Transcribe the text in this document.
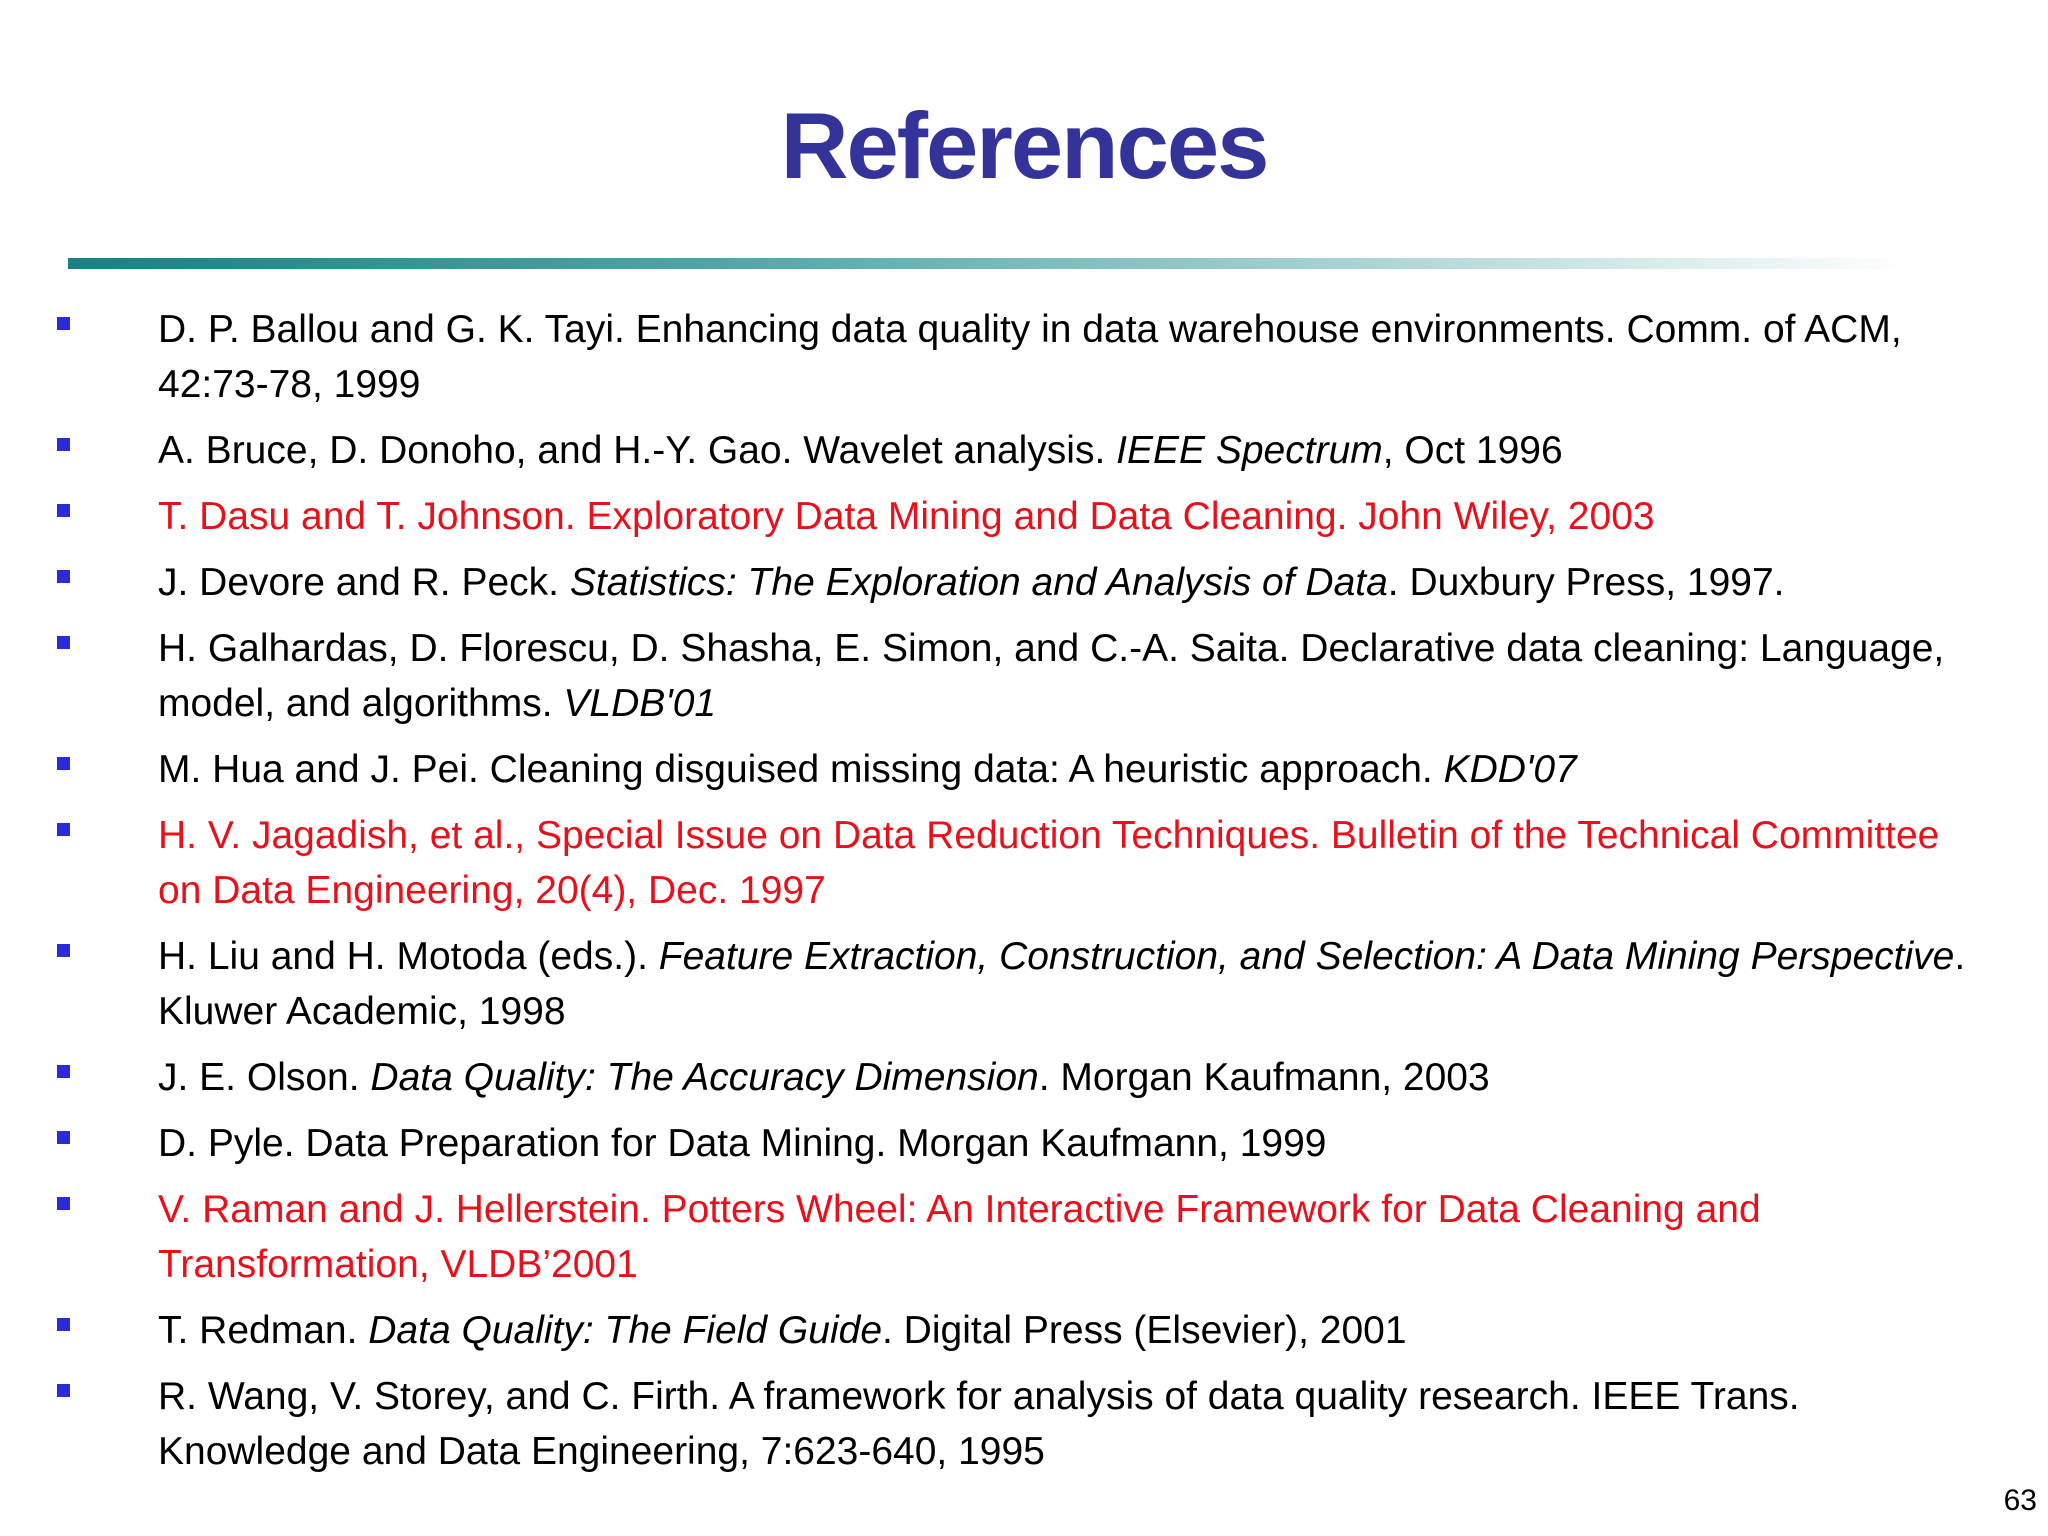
References
D. P. Ballou and G. K. Tayi. Enhancing data quality in data warehouse environments. Comm. of ACM, 42:73-78, 1999
A. Bruce, D. Donoho, and H.-Y. Gao. Wavelet analysis. IEEE Spectrum, Oct 1996
T. Dasu and T. Johnson. Exploratory Data Mining and Data Cleaning. John Wiley, 2003
J. Devore and R. Peck. Statistics: The Exploration and Analysis of Data. Duxbury Press, 1997.
H. Galhardas, D. Florescu, D. Shasha, E. Simon, and C.-A. Saita. Declarative data cleaning: Language, model, and algorithms. VLDB'01
M. Hua and J. Pei. Cleaning disguised missing data: A heuristic approach. KDD'07
H. V. Jagadish, et al., Special Issue on Data Reduction Techniques. Bulletin of the Technical Committee on Data Engineering, 20(4), Dec. 1997
H. Liu and H. Motoda (eds.). Feature Extraction, Construction, and Selection: A Data Mining Perspective. Kluwer Academic, 1998
J. E. Olson. Data Quality: The Accuracy Dimension. Morgan Kaufmann, 2003
D. Pyle. Data Preparation for Data Mining. Morgan Kaufmann, 1999
V. Raman and J. Hellerstein. Potters Wheel: An Interactive Framework for Data Cleaning and Transformation, VLDB’2001
T. Redman. Data Quality: The Field Guide. Digital Press (Elsevier), 2001
R. Wang, V. Storey, and C. Firth. A framework for analysis of data quality research. IEEE Trans. Knowledge and Data Engineering, 7:623-640, 1995
63
